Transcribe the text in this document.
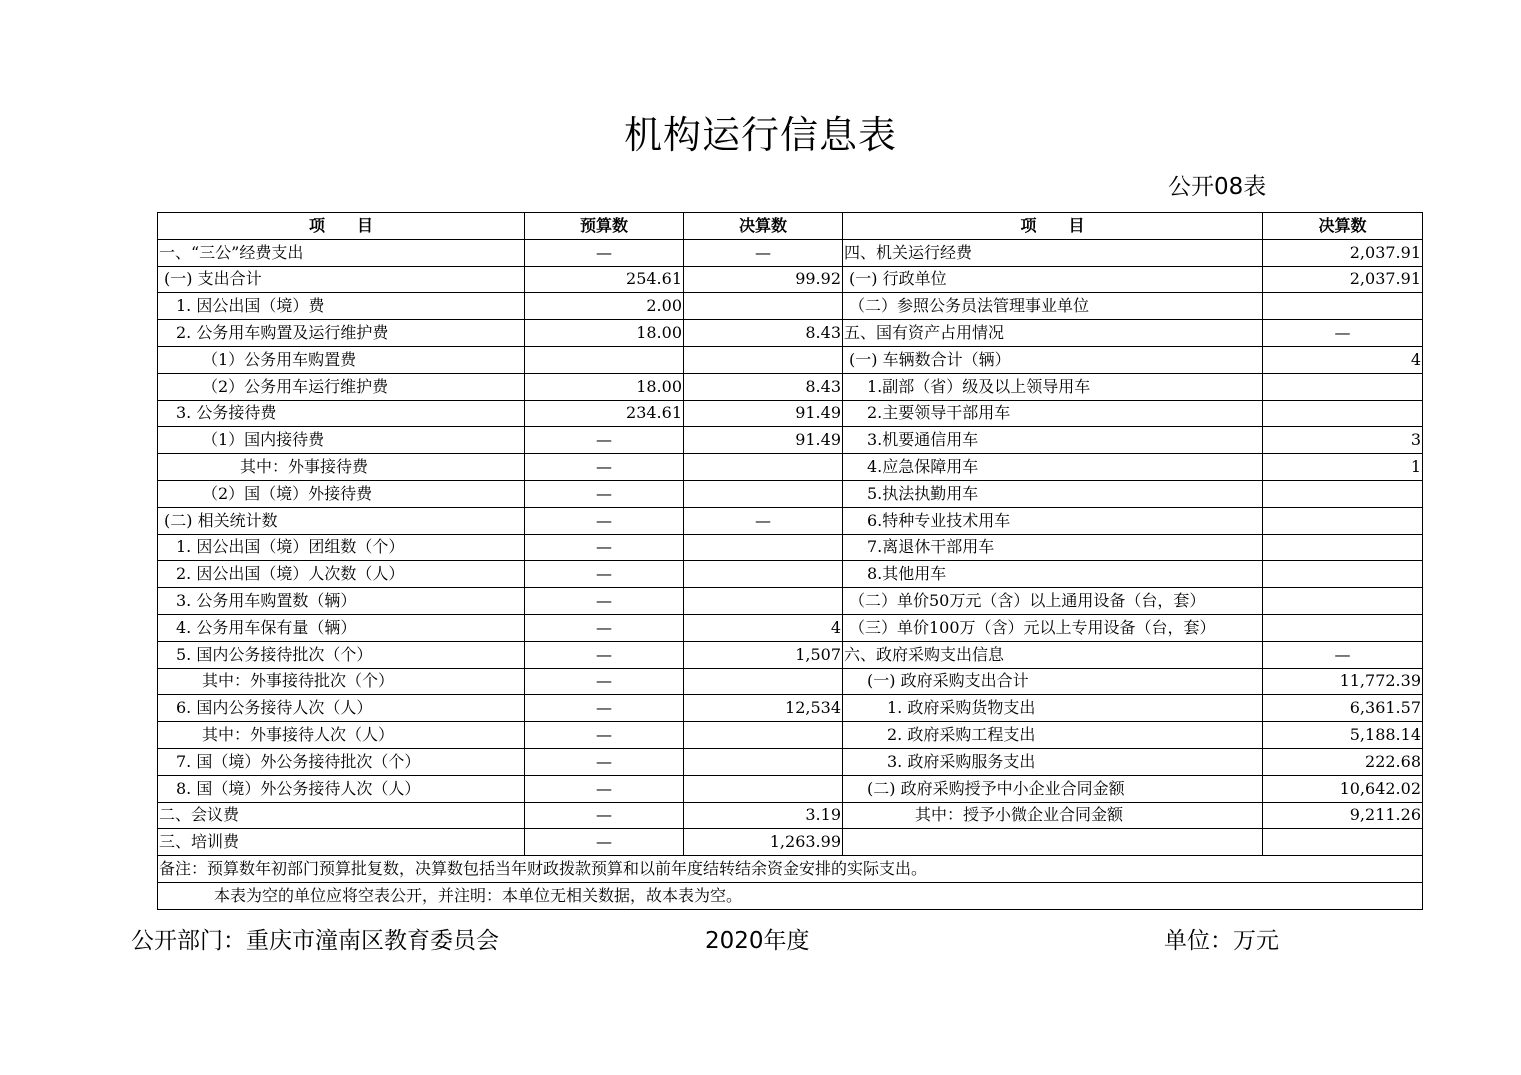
机构运行信息表
公开08表
项　　目	预算数	决算数	项　　目	决算数
一、“三公”经费支出	—	—	四、机关运行经费	2,037.91
(一) 支出合计	254.61	99.92	(一) 行政单位	2,037.91
1. 因公出国（境）费	2.00		（二）参照公务员法管理事业单位	
2. 公务用车购置及运行维护费	18.00	8.43	五、国有资产占用情况	—
（1）公务用车购置费			(一) 车辆数合计（辆）	4
（2）公务用车运行维护费	18.00	8.43	1.副部（省）级及以上领导用车	
3. 公务接待费	234.61	91.49	2.主要领导干部用车	
（1）国内接待费	—	91.49	3.机要通信用车	3
其中：外事接待费	—		4.应急保障用车	1
（2）国（境）外接待费	—		5.执法执勤用车	
(二) 相关统计数	—	—	6.特种专业技术用车	
1. 因公出国（境）团组数（个）	—		7.离退休干部用车	
2. 因公出国（境）人次数（人）	—		8.其他用车	
3. 公务用车购置数（辆）	—		（二）单价50万元（含）以上通用设备（台，套）	
4. 公务用车保有量（辆）	—	4	（三）单价100万（含）元以上专用设备（台，套）	
5. 国内公务接待批次（个）	—	1,507	六、政府采购支出信息	—
其中：外事接待批次（个）	—		(一) 政府采购支出合计	11,772.39
6. 国内公务接待人次（人）	—	12,534	1. 政府采购货物支出	6,361.57
其中：外事接待人次（人）	—		2. 政府采购工程支出	5,188.14
7. 国（境）外公务接待批次（个）	—		3. 政府采购服务支出	222.68
8. 国（境）外公务接待人次（人）	—		(二) 政府采购授予中小企业合同金额	10,642.02
二、会议费	—	3.19	其中：授予小微企业合同金额	9,211.26
三、培训费	—	1,263.99		
备注：预算数年初部门预算批复数，决算数包括当年财政拨款预算和以前年度结转结余资金安排的实际支出。				
本表为空的单位应将空表公开，并注明：本单位无相关数据，故本表为空。				
公开部门：重庆市潼南区教育委员会	2020年度	单位：万元
